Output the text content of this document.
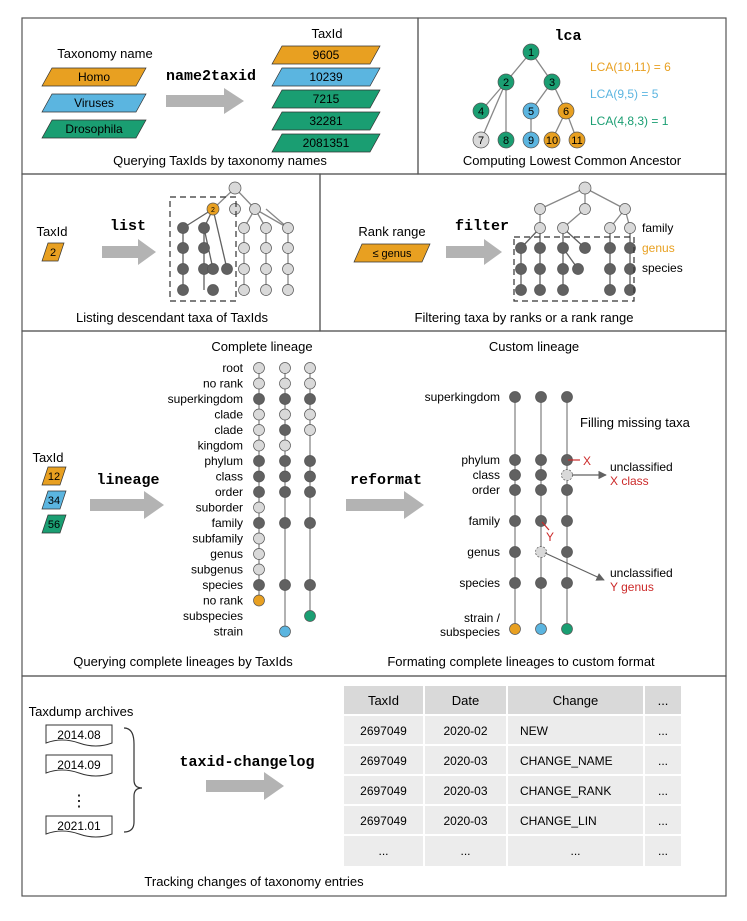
Taxonomy name
Homo
Viruses
Drosophila
name2taxid
TaxId
9605
10239
7215
32281
2081351
Querying TaxIds by taxonomy names
lca
1
2	3
4	5	6
7 8 9 10 11
LCA(10,11) = 6
LCA(9,5) = 5
LCA(4,8,3) = 1
Computing Lowest Common Ancestor
TaxId
2
list
2
Listing descendant taxa of TaxIds
Rank range
≤ genus
filter	family
genus
species
Filtering taxa by ranks or a rank range
Complete lineage	Custom lineage
TaxId
12
34
56
lineage
root
no rank
superkingdom
clade
clade
kingdom
phylum
class
order
suborder
family
subfamily
genus
subgenus
species
no rank
subspecies
strain
reformat
superkingdom
phylum
class
order
family
genus
species
strain /
subspecies
Filling missing taxa
X unclassified
X class
Y
unclassified
Y genus
Querying complete lineages by TaxIds	Formating complete lineages to custom format
Taxdump archives
2014.08
2014.09
2021.01
⋮
taxid-changelog
TaxId	Date	Change	...
2697049	2020-02	NEW	...
2697049	2020-03	CHANGE_NAME	...
2697049	2020-03	CHANGE_RANK	...
2697049	2020-03	CHANGE_LIN	...
...	...	...	...
Tracking changes of taxonomy entries
